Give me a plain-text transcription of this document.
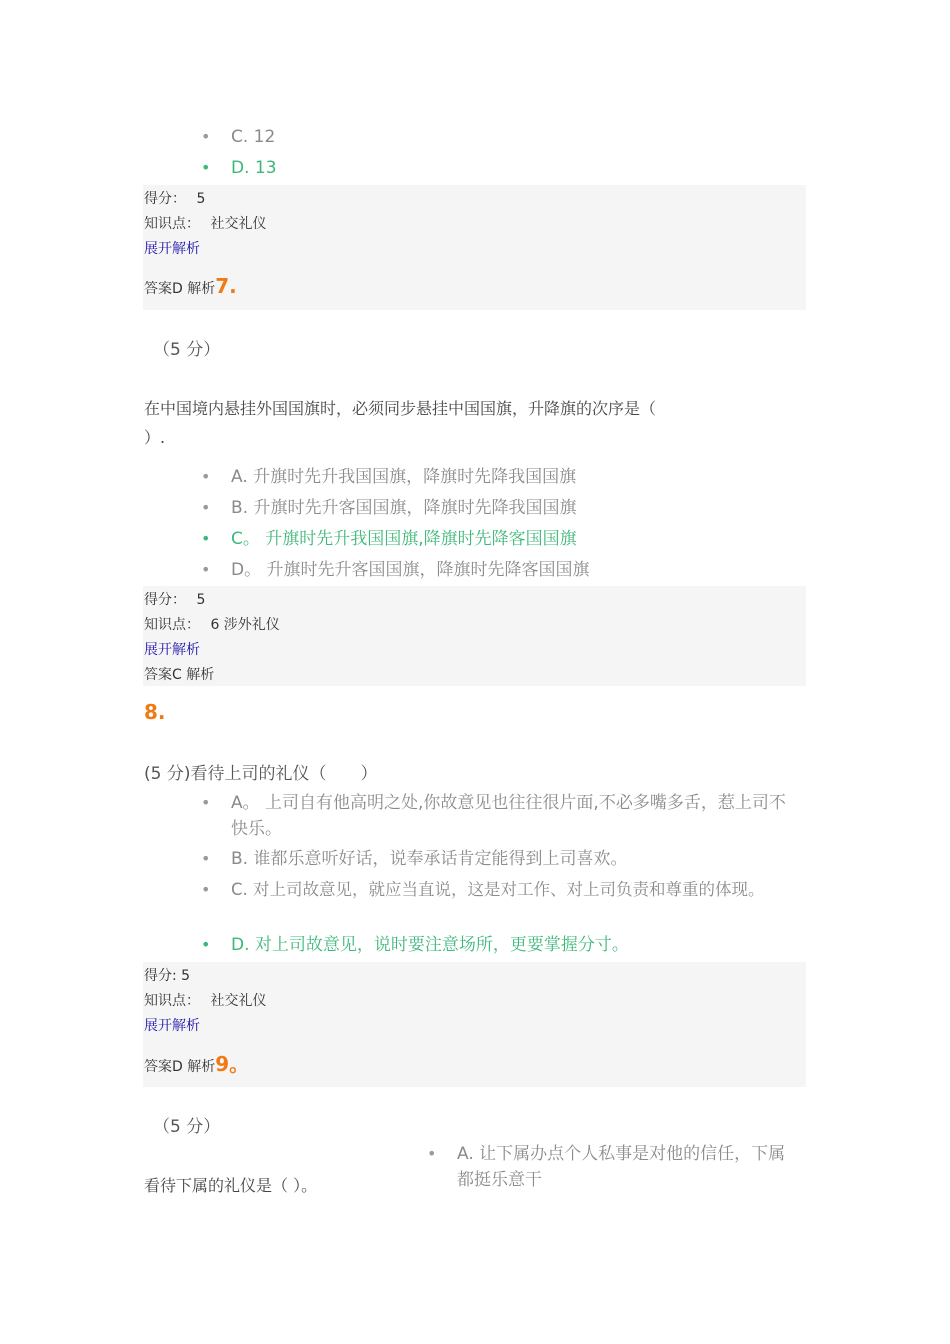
• C. 12
• D. 13
得分： 5
知识点： 社交礼仪
展开解析
答案D 解析7.
（5 分）
在中国境内悬挂外国国旗时，必须同步悬挂中国国旗，升降旗的次序是（
）.
• A. 升旗时先升我国国旗，降旗时先降我国国旗
• B. 升旗时先升客国国旗，降旗时先降我国国旗
• C。 升旗时先升我国国旗,降旗时先降客国国旗
• D。 升旗时先升客国国旗，降旗时先降客国国旗
得分： 5
知识点： 6 涉外礼仪
展开解析
答案C 解析
8.
(5 分)看待上司的礼仪（　　）
• A。 上司自有他高明之处,你故意见也往往很片面,不必多嘴多舌，惹上司不快乐。
• B. 谁都乐意听好话，说奉承话肯定能得到上司喜欢。
• C. 对上司故意见，就应当直说，这是对工作、对上司负责和尊重的体现。
• D. 对上司故意见，说时要注意场所，更要掌握分寸。
得分: 5
知识点： 社交礼仪
展开解析
答案D 解析9。
（5 分）
看待下属的礼仪是（ ）。
• A. 让下属办点个人私事是对他的信任，下属都挺乐意干
